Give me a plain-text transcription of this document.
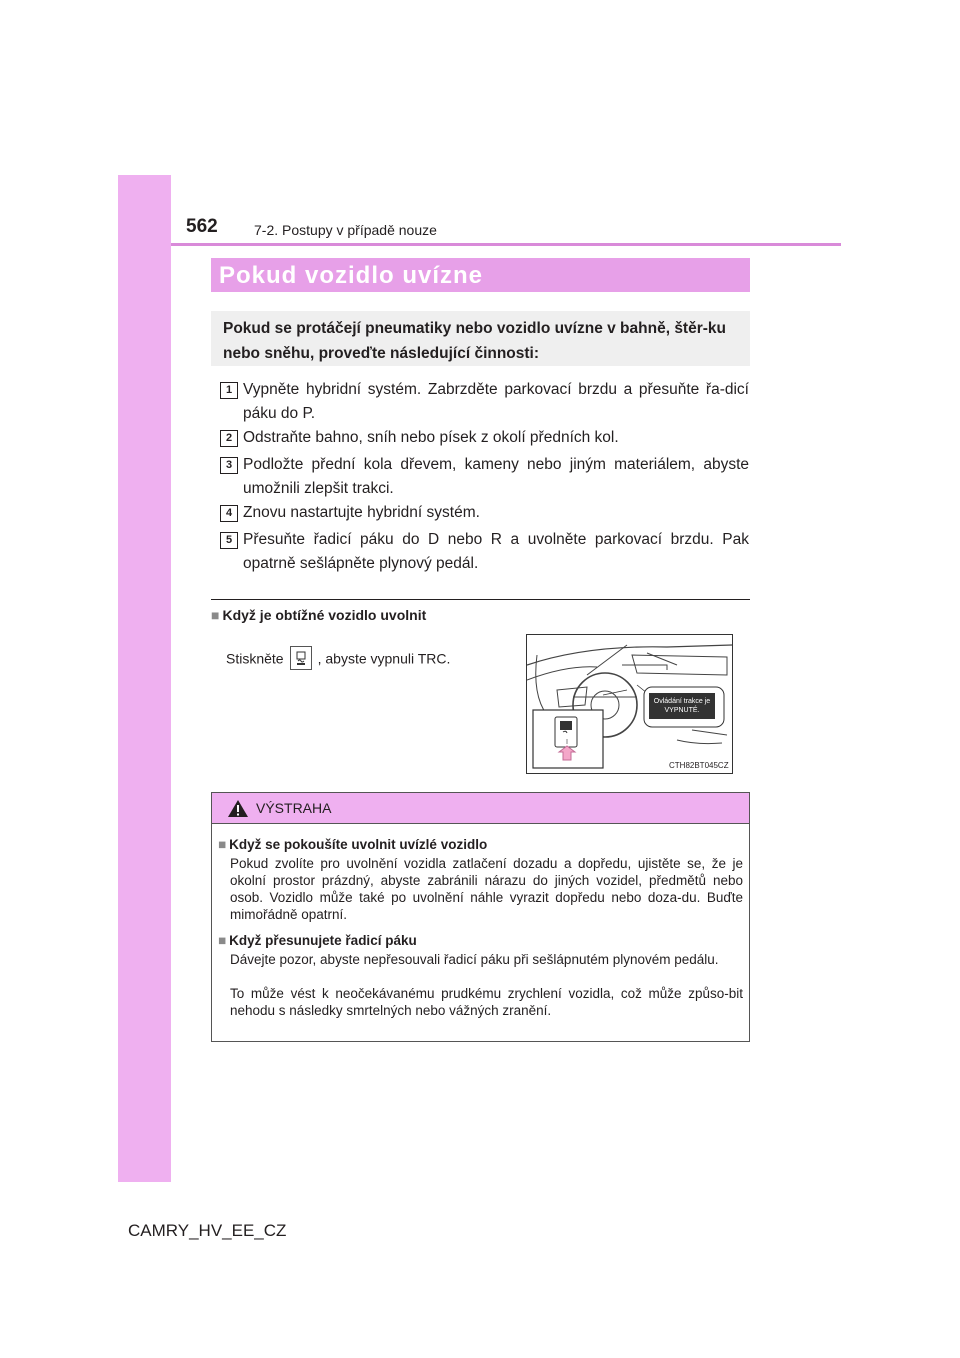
562	7-2. Postupy v případě nouze
Pokud vozidlo uvízne
Pokud se protáčejí pneumatiky nebo vozidlo uvízne v bahně, štěr-ku nebo sněhu, proveďte následující činnosti:
1 Vypněte hybridní systém. Zabrzděte parkovací brzdu a přesuňte řa-dicí páku do P.
2 Odstraňte bahno, sníh nebo písek z okolí předních kol.
3 Podložte přední kola dřevem, kameny nebo jiným materiálem, abyste umožnili zlepšit trakci.
4 Znovu nastartujte hybridní systém.
5 Přesuňte řadicí páku do D nebo R a uvolněte parkovací brzdu. Pak opatrně sešlápněte plynový pedál.
■ Když je obtížné vozidlo uvolnit
Stiskněte , abyste vypnuli TRC.
Ovládání trakce je VYPNUTÉ.
CTH82BT045CZ
VÝSTRAHA
■ Když se pokoušíte uvolnit uvízlé vozidlo
Pokud zvolíte pro uvolnění vozidla zatlačení dozadu a dopředu, ujistěte se, že je okolní prostor prázdný, abyste zabránili nárazu do jiných vozidel, předmětů nebo osob. Vozidlo může také po uvolnění náhle vyrazit dopředu nebo doza-du. Buďte mimořádně opatrní.
■ Když přesunujete řadicí páku
Dávejte pozor, abyste nepřesouvali řadicí páku při sešlápnutém plynovém pedálu.
To může vést k neočekávanému prudkému zrychlení vozidla, což může způso-bit nehodu s následky smrtelných nebo vážných zranění.
CAMRY_HV_EE_CZ
